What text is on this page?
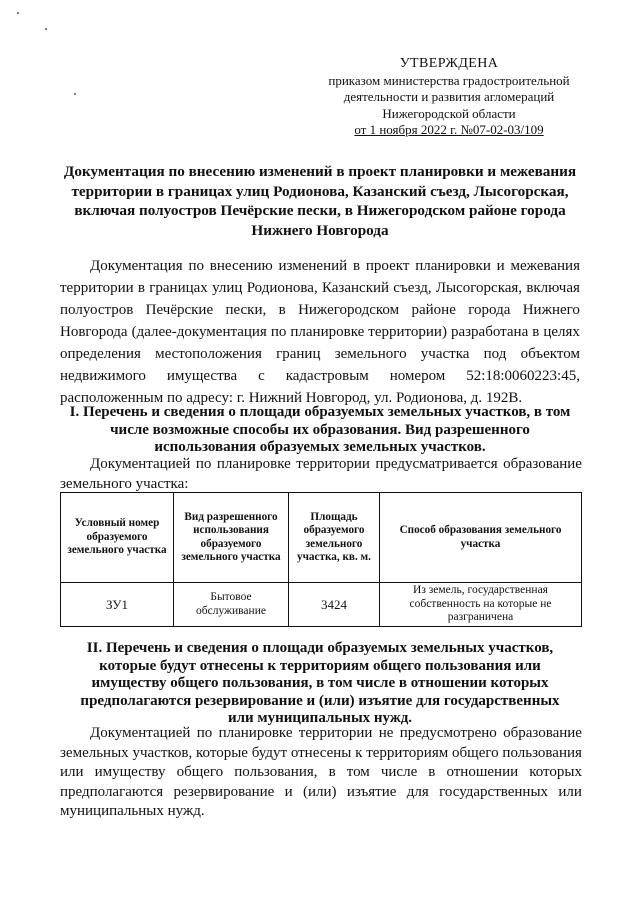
УТВЕРЖДЕНА
приказом министерства градостроительной
деятельности и развития агломераций
Нижегородской области
от 1 ноября 2022 г. №07-02-03/109
Документация по внесению изменений в проект планировки и межевания
территории в границах улиц Родионова, Казанский съезд, Лысогорская,
включая полуостров Печёрские пески, в Нижегородском районе города
Нижнего Новгорода
Документация по внесению изменений в проект планировки и межевания
территории в границах улиц Родионова, Казанский съезд, Лысогорская, включая
полуостров Печёрские пески, в Нижегородском районе города Нижнего
Новгорода (далее-документация по планировке территории) разработана в целях
определения местоположения границ земельного участка под объектом
недвижимого имущества с кадастровым номером 52:18:0060223:45,
расположенным по адресу: г. Нижний Новгород, ул. Родионова, д. 192В.
I. Перечень и сведения о площади образуемых земельных участков, в том
числе возможные способы их образования. Вид разрешенного
использования образуемых земельных участков.
Документацией по планировке территории предусматривается образование
земельного участка:
Условный номер образуемого земельного участка	Вид разрешенного использования образуемого земельного участка	Площадь образуемого земельного участка, кв. м.	Способ образования земельного участка
ЗУ1	Бытовое обслуживание	3424	Из земель, государственная собственность на которые не разграничена
II. Перечень и сведения о площади образуемых земельных участков,
которые будут отнесены к территориям общего пользования или
имуществу общего пользования, в том числе в отношении которых
предполагаются резервирование и (или) изъятие для государственных
или муниципальных нужд.
Документацией по планировке территории не предусмотрено образование
земельных участков, которые будут отнесены к территориям общего пользования
или имуществу общего пользования, в том числе в отношении которых
предполагаются резервирование и (или) изъятие для государственных или
муниципальных нужд.
